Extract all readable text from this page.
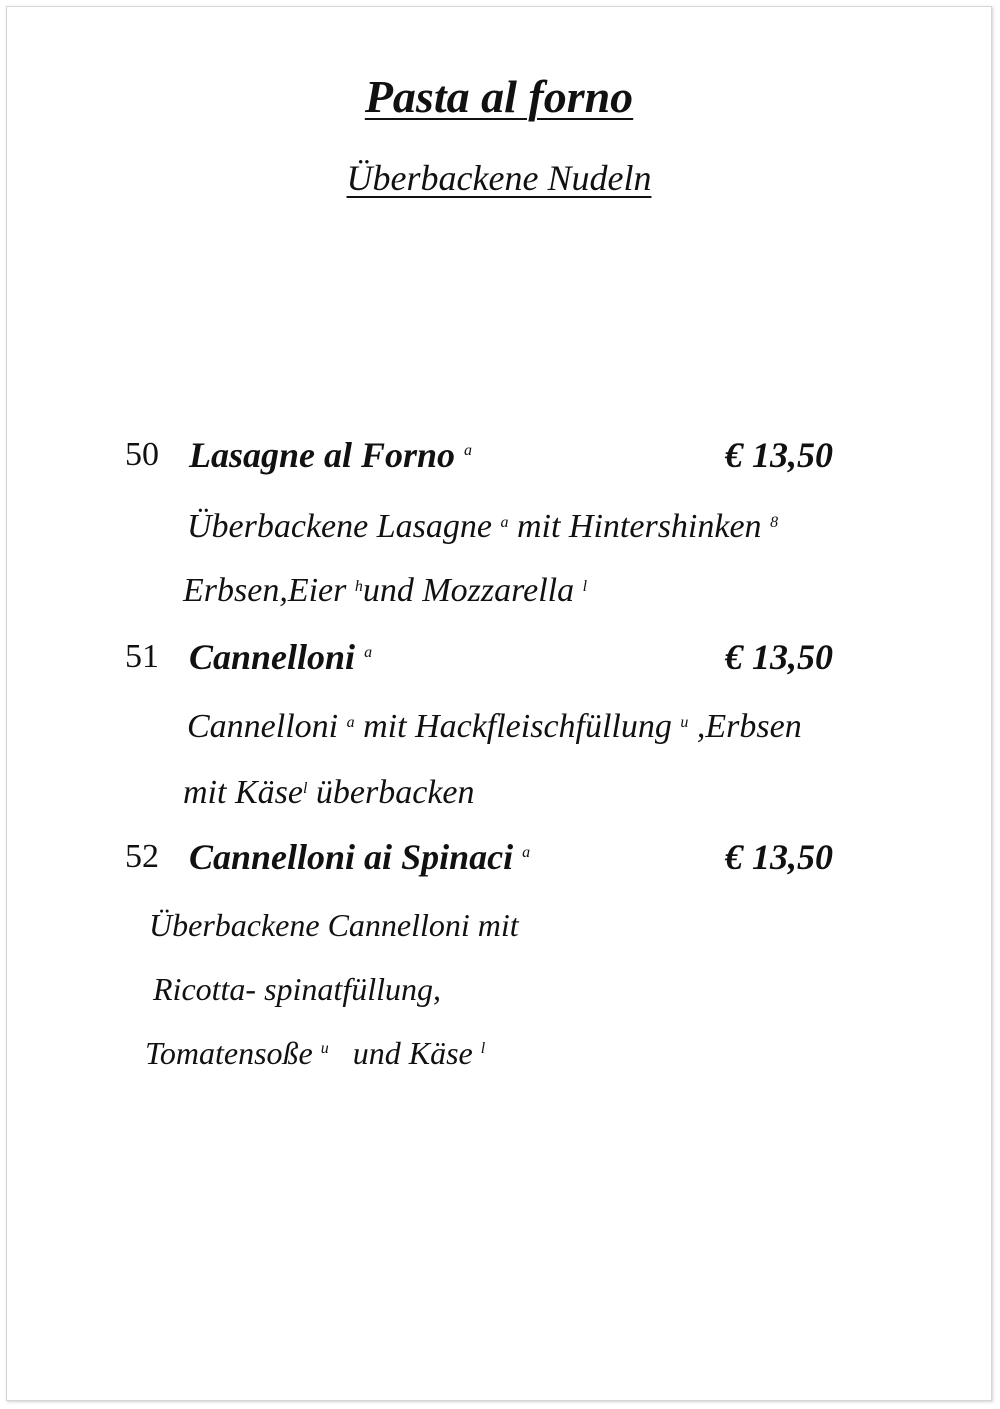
Pasta al forno
Überbackene Nudeln
50 Lasagne al Forno $^a$	€ 13,50
Überbackene Lasagne $^a$ mit Hintershinken $^8$
Erbsen,Eier $^h$und Mozzarella $^l$
51 Cannelloni $^a$	€ 13,50
Cannelloni $^a$ mit Hackfleischfüllung $^u$ ,Erbsen
mit Käse$^l$ überbacken
52 Cannelloni ai Spinaci $^a$	€ 13,50
Überbackene Cannelloni mit
Ricotta- spinatfüllung,
Tomatensoße $^u$   und Käse $^l$
